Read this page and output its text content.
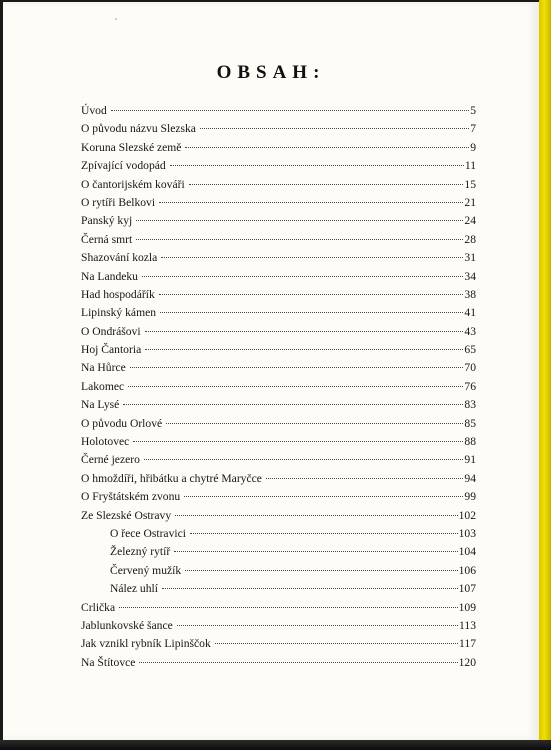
OBSAH:
Úvod	5
O původu názvu Slezska	7
Koruna Slezské země	9
Zpívající vodopád	11
O čantorijském kováři	15
O rytíři Belkovi	21
Panský kyj	24
Černá smrt	28
Shazování kozla	31
Na Landeku	34
Had hospodářík	38
Lipinský kámen	41
O Ondrášovi	43
Hoj Čantoria	65
Na Hůrce	70
Lakomec	76
Na Lysé	83
O původu Orlové	85
Holotovec	88
Černé jezero	91
O hmoždíři, hřibátku a chytré Maryčce	94
O Fryštátském zvonu	99
Ze Slezské Ostravy	102
O řece Ostravici	103
Železný rytíř	104
Červený mužík	106
Nález uhlí	107
Crlička	109
Jablunkovské šance	113
Jak vznikl rybník Lipinščok	117
Na Štítovce	120
